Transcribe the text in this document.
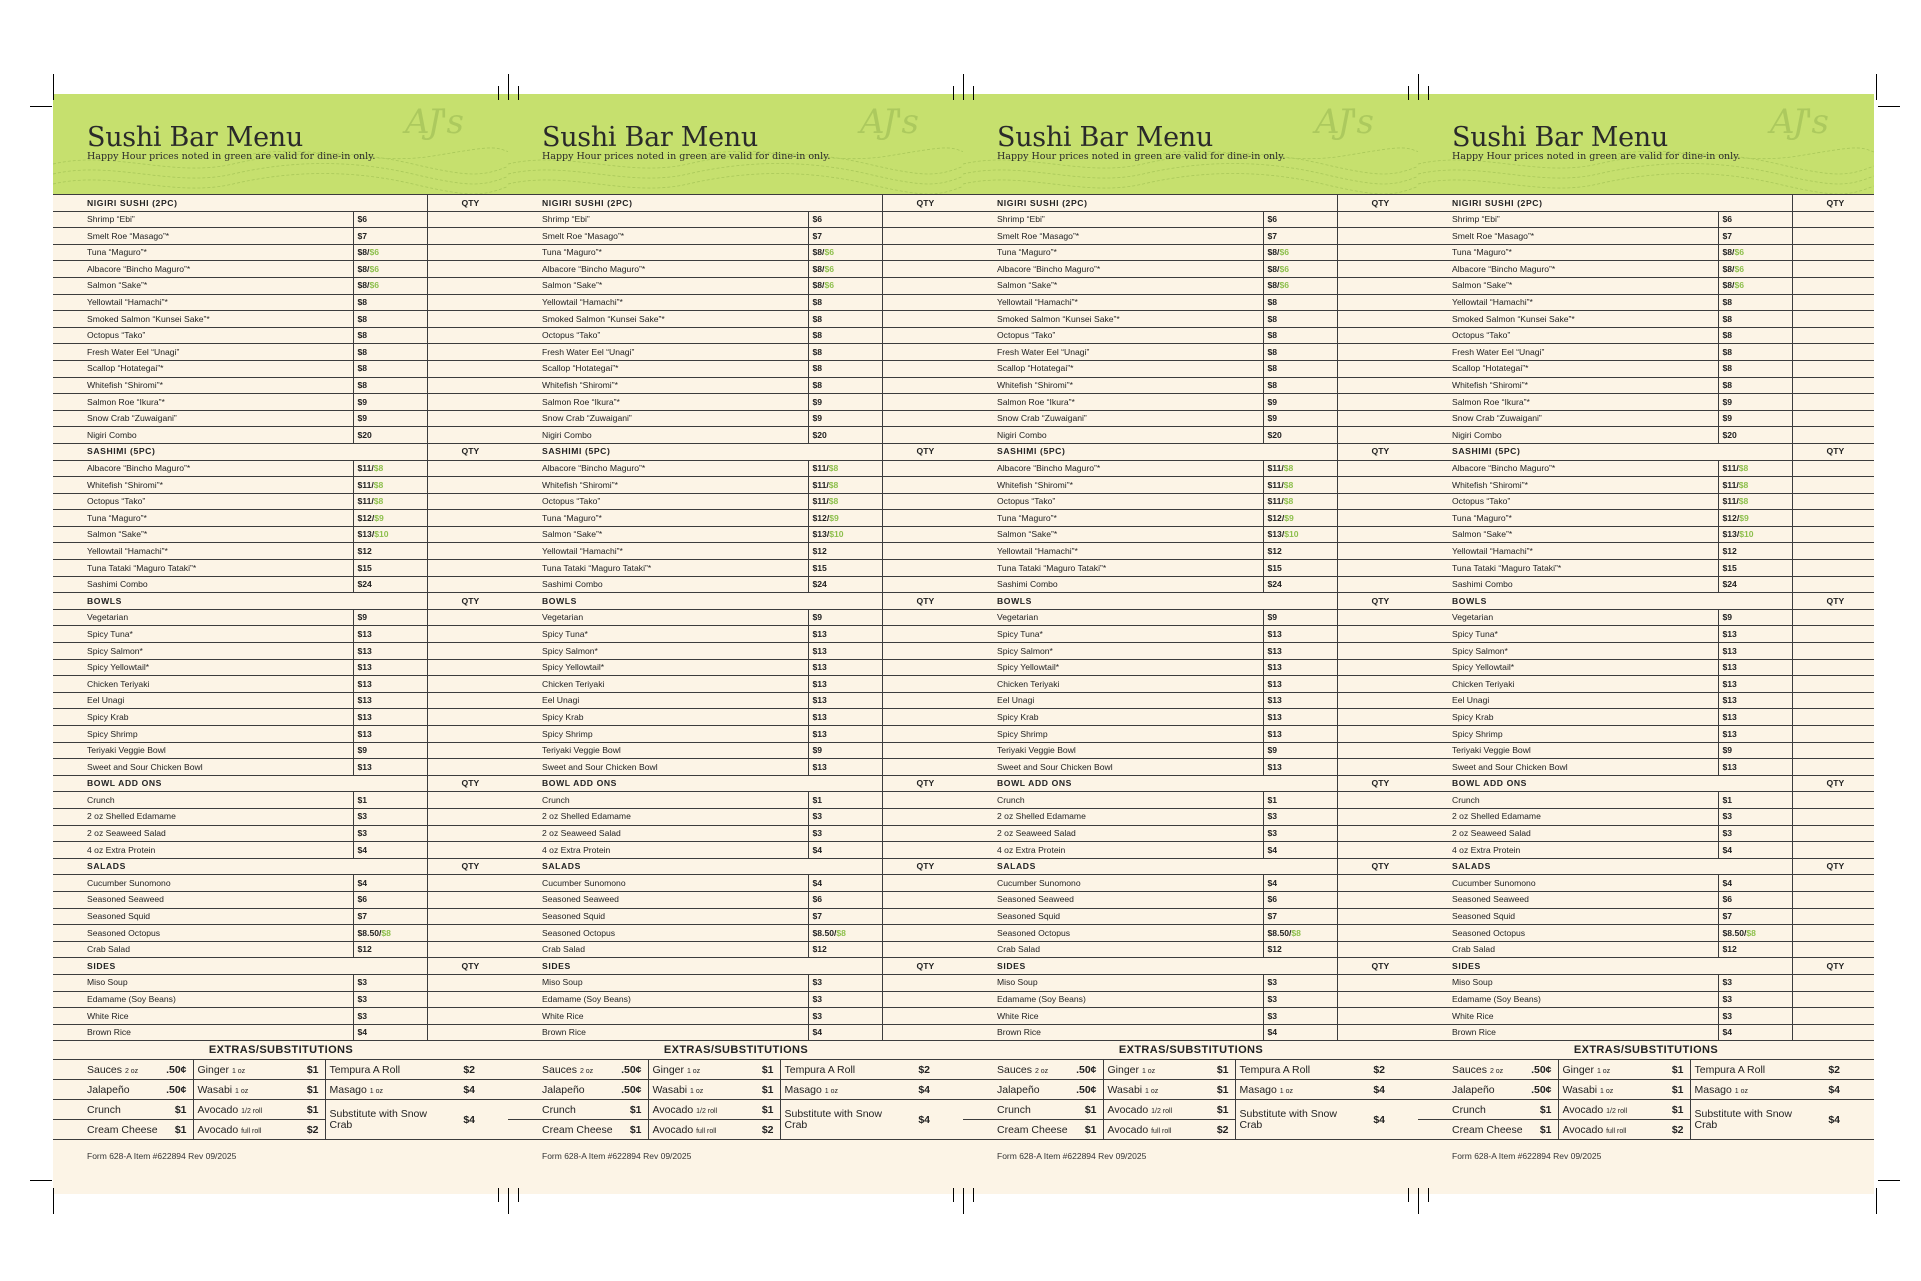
Sushi Bar Menu
Happy Hour prices noted in green are valid for dine-in only.
AJ's
NIGIRI SUSHI (2PC)		QTY
Shrimp “Ebi”	$6	
Smelt Roe “Masago”*	$7	
Tuna “Maguro”*	$8/$6	
Albacore “Bincho Maguro”*	$8/$6	
Salmon “Sake”*	$8/$6	
Yellowtail “Hamachi”*	$8	
Smoked Salmon “Kunsei Sake”*	$8	
Octopus “Tako”	$8	
Fresh Water Eel “Unagi”	$8	
Scallop “Hotategai”*	$8	
Whitefish “Shiromi”*	$8	
Salmon Roe “Ikura”*	$9	
Snow Crab “Zuwaigani”	$9	
Nigiri Combo	$20	
SASHIMI (5PC)		QTY
Albacore “Bincho Maguro”*	$11/$8	
Whitefish “Shiromi”*	$11/$8	
Octopus “Tako”	$11/$8	
Tuna “Maguro”*	$12/$9	
Salmon “Sake”*	$13/$10	
Yellowtail “Hamachi”*	$12	
Tuna Tataki “Maguro Tataki”*	$15	
Sashimi Combo	$24	
BOWLS		QTY
Vegetarian	$9	
Spicy Tuna*	$13	
Spicy Salmon*	$13	
Spicy Yellowtail*	$13	
Chicken Teriyaki	$13	
Eel Unagi	$13	
Spicy Krab	$13	
Spicy Shrimp	$13	
Teriyaki Veggie Bowl	$9	
Sweet and Sour Chicken Bowl	$13	
BOWL ADD ONS		QTY
Crunch	$1	
2 oz Shelled Edamame	$3	
2 oz Seaweed Salad	$3	
4 oz Extra Protein	$4	
SALADS		QTY
Cucumber Sunomono	$4	
Seasoned Seaweed	$6	
Seasoned Squid	$7	
Seasoned Octopus	$8.50/$8	
Crab Salad	$12	
SIDES		QTY
Miso Soup	$3	
Edamame (Soy Beans)	$3	
White Rice	$3	
Brown Rice	$4	
EXTRAS/SUBSTITUTIONS
Sauces 2 oz	.50¢	Ginger 1 oz	$1	Tempura A Roll	$2
Jalapeño	.50¢	Wasabi 1 oz	$1	Masago 1 oz	$4
Crunch	$1	Avocado 1/2 roll	$1	Substitute with Snow Crab	$4
Cream Cheese	$1	Avocado full roll	$2		
Form 628-A Item #622894 Rev 09/2025
Sushi Bar Menu
Happy Hour prices noted in green are valid for dine-in only.
AJ's
NIGIRI SUSHI (2PC)		QTY
Shrimp “Ebi”	$6	
Smelt Roe “Masago”*	$7	
Tuna “Maguro”*	$8/$6	
Albacore “Bincho Maguro”*	$8/$6	
Salmon “Sake”*	$8/$6	
Yellowtail “Hamachi”*	$8	
Smoked Salmon “Kunsei Sake”*	$8	
Octopus “Tako”	$8	
Fresh Water Eel “Unagi”	$8	
Scallop “Hotategai”*	$8	
Whitefish “Shiromi”*	$8	
Salmon Roe “Ikura”*	$9	
Snow Crab “Zuwaigani”	$9	
Nigiri Combo	$20	
SASHIMI (5PC)		QTY
Albacore “Bincho Maguro”*	$11/$8	
Whitefish “Shiromi”*	$11/$8	
Octopus “Tako”	$11/$8	
Tuna “Maguro”*	$12/$9	
Salmon “Sake”*	$13/$10	
Yellowtail “Hamachi”*	$12	
Tuna Tataki “Maguro Tataki”*	$15	
Sashimi Combo	$24	
BOWLS		QTY
Vegetarian	$9	
Spicy Tuna*	$13	
Spicy Salmon*	$13	
Spicy Yellowtail*	$13	
Chicken Teriyaki	$13	
Eel Unagi	$13	
Spicy Krab	$13	
Spicy Shrimp	$13	
Teriyaki Veggie Bowl	$9	
Sweet and Sour Chicken Bowl	$13	
BOWL ADD ONS		QTY
Crunch	$1	
2 oz Shelled Edamame	$3	
2 oz Seaweed Salad	$3	
4 oz Extra Protein	$4	
SALADS		QTY
Cucumber Sunomono	$4	
Seasoned Seaweed	$6	
Seasoned Squid	$7	
Seasoned Octopus	$8.50/$8	
Crab Salad	$12	
SIDES		QTY
Miso Soup	$3	
Edamame (Soy Beans)	$3	
White Rice	$3	
Brown Rice	$4	
EXTRAS/SUBSTITUTIONS
Sauces 2 oz	.50¢	Ginger 1 oz	$1	Tempura A Roll	$2
Jalapeño	.50¢	Wasabi 1 oz	$1	Masago 1 oz	$4
Crunch	$1	Avocado 1/2 roll	$1	Substitute with Snow Crab	$4
Cream Cheese	$1	Avocado full roll	$2		
Form 628-A Item #622894 Rev 09/2025
Sushi Bar Menu
Happy Hour prices noted in green are valid for dine-in only.
AJ's
NIGIRI SUSHI (2PC)		QTY
Shrimp “Ebi”	$6	
Smelt Roe “Masago”*	$7	
Tuna “Maguro”*	$8/$6	
Albacore “Bincho Maguro”*	$8/$6	
Salmon “Sake”*	$8/$6	
Yellowtail “Hamachi”*	$8	
Smoked Salmon “Kunsei Sake”*	$8	
Octopus “Tako”	$8	
Fresh Water Eel “Unagi”	$8	
Scallop “Hotategai”*	$8	
Whitefish “Shiromi”*	$8	
Salmon Roe “Ikura”*	$9	
Snow Crab “Zuwaigani”	$9	
Nigiri Combo	$20	
SASHIMI (5PC)		QTY
Albacore “Bincho Maguro”*	$11/$8	
Whitefish “Shiromi”*	$11/$8	
Octopus “Tako”	$11/$8	
Tuna “Maguro”*	$12/$9	
Salmon “Sake”*	$13/$10	
Yellowtail “Hamachi”*	$12	
Tuna Tataki “Maguro Tataki”*	$15	
Sashimi Combo	$24	
BOWLS		QTY
Vegetarian	$9	
Spicy Tuna*	$13	
Spicy Salmon*	$13	
Spicy Yellowtail*	$13	
Chicken Teriyaki	$13	
Eel Unagi	$13	
Spicy Krab	$13	
Spicy Shrimp	$13	
Teriyaki Veggie Bowl	$9	
Sweet and Sour Chicken Bowl	$13	
BOWL ADD ONS		QTY
Crunch	$1	
2 oz Shelled Edamame	$3	
2 oz Seaweed Salad	$3	
4 oz Extra Protein	$4	
SALADS		QTY
Cucumber Sunomono	$4	
Seasoned Seaweed	$6	
Seasoned Squid	$7	
Seasoned Octopus	$8.50/$8	
Crab Salad	$12	
SIDES		QTY
Miso Soup	$3	
Edamame (Soy Beans)	$3	
White Rice	$3	
Brown Rice	$4	
EXTRAS/SUBSTITUTIONS
Sauces 2 oz	.50¢	Ginger 1 oz	$1	Tempura A Roll	$2
Jalapeño	.50¢	Wasabi 1 oz	$1	Masago 1 oz	$4
Crunch	$1	Avocado 1/2 roll	$1	Substitute with Snow Crab	$4
Cream Cheese	$1	Avocado full roll	$2		
Form 628-A Item #622894 Rev 09/2025
Sushi Bar Menu
Happy Hour prices noted in green are valid for dine-in only.
AJ's
NIGIRI SUSHI (2PC)		QTY
Shrimp “Ebi”	$6	
Smelt Roe “Masago”*	$7	
Tuna “Maguro”*	$8/$6	
Albacore “Bincho Maguro”*	$8/$6	
Salmon “Sake”*	$8/$6	
Yellowtail “Hamachi”*	$8	
Smoked Salmon “Kunsei Sake”*	$8	
Octopus “Tako”	$8	
Fresh Water Eel “Unagi”	$8	
Scallop “Hotategai”*	$8	
Whitefish “Shiromi”*	$8	
Salmon Roe “Ikura”*	$9	
Snow Crab “Zuwaigani”	$9	
Nigiri Combo	$20	
SASHIMI (5PC)		QTY
Albacore “Bincho Maguro”*	$11/$8	
Whitefish “Shiromi”*	$11/$8	
Octopus “Tako”	$11/$8	
Tuna “Maguro”*	$12/$9	
Salmon “Sake”*	$13/$10	
Yellowtail “Hamachi”*	$12	
Tuna Tataki “Maguro Tataki”*	$15	
Sashimi Combo	$24	
BOWLS		QTY
Vegetarian	$9	
Spicy Tuna*	$13	
Spicy Salmon*	$13	
Spicy Yellowtail*	$13	
Chicken Teriyaki	$13	
Eel Unagi	$13	
Spicy Krab	$13	
Spicy Shrimp	$13	
Teriyaki Veggie Bowl	$9	
Sweet and Sour Chicken Bowl	$13	
BOWL ADD ONS		QTY
Crunch	$1	
2 oz Shelled Edamame	$3	
2 oz Seaweed Salad	$3	
4 oz Extra Protein	$4	
SALADS		QTY
Cucumber Sunomono	$4	
Seasoned Seaweed	$6	
Seasoned Squid	$7	
Seasoned Octopus	$8.50/$8	
Crab Salad	$12	
SIDES		QTY
Miso Soup	$3	
Edamame (Soy Beans)	$3	
White Rice	$3	
Brown Rice	$4	
EXTRAS/SUBSTITUTIONS
Sauces 2 oz	.50¢	Ginger 1 oz	$1	Tempura A Roll	$2
Jalapeño	.50¢	Wasabi 1 oz	$1	Masago 1 oz	$4
Crunch	$1	Avocado 1/2 roll	$1	Substitute with Snow Crab	$4
Cream Cheese	$1	Avocado full roll	$2		
Form 628-A Item #622894 Rev 09/2025
